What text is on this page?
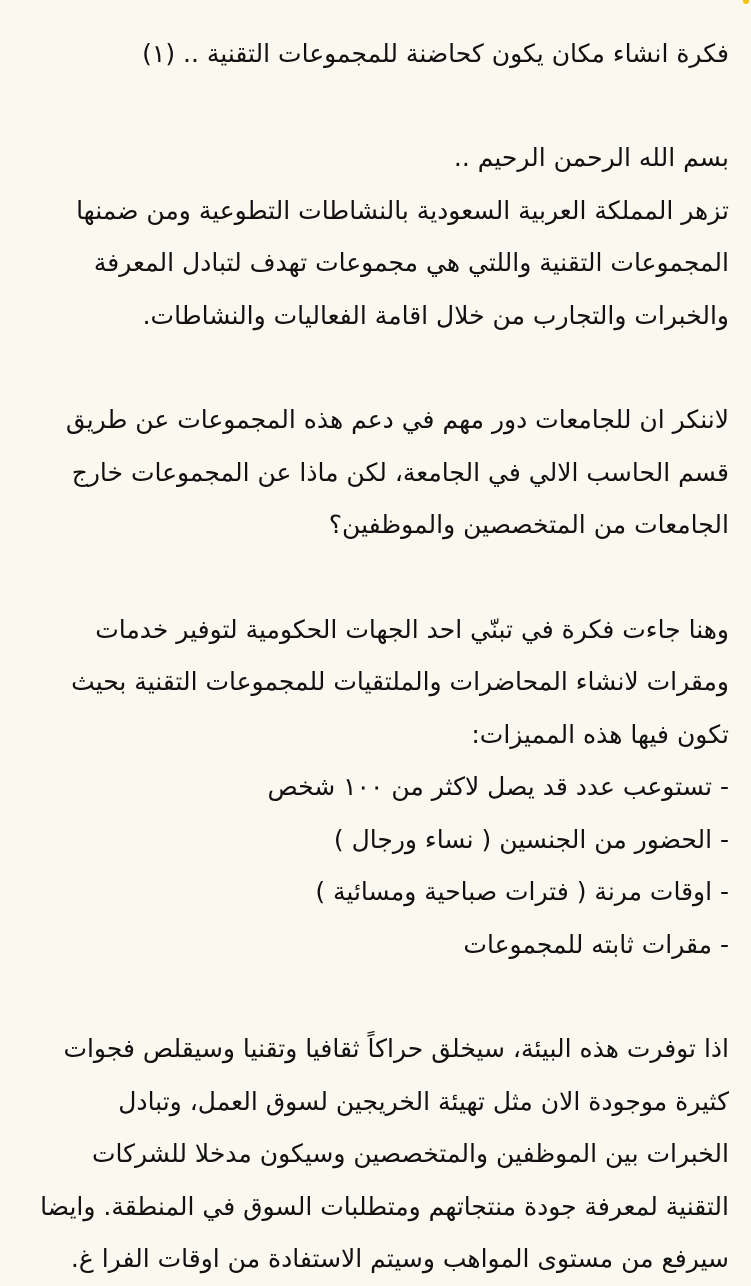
فكرة انشاء مكان يكون كحاضنة للمجموعات التقنية .. (١)
بسم الله الرحمن الرحيم ..
تزهر المملكة العربية السعودية بالنشاطات التطوعية ومن ضمنها
المجموعات التقنية واللتي هي مجموعات تهدف لتبادل المعرفة
والخبرات والتجارب من خلال اقامة الفعاليات والنشاطات.
لاننكر ان للجامعات دور مهم في دعم هذه المجموعات عن طريق
قسم الحاسب الالي في الجامعة، لكن ماذا عن المجموعات خارج
الجامعات من المتخصصين والموظفين؟
وهنا جاءت فكرة في تبنّي احد الجهات الحكومية لتوفير خدمات
ومقرات لانشاء المحاضرات والملتقيات للمجموعات التقنية بحيث
تكون فيها هذه المميزات:
- تستوعب عدد قد يصل لاكثر من ١٠٠ شخص
- الحضور من الجنسين ( نساء ورجال )
- اوقات مرنة ( فترات صباحية ومسائية )
- مقرات ثابته للمجموعات
اذا توفرت هذه البيئة، سيخلق حراكاً ثقافيا وتقنيا وسيقلص فجوات
كثيرة موجودة الان مثل تهيئة الخريجين لسوق العمل، وتبادل
الخبرات بين الموظفين والمتخصصين وسيكون مدخلا للشركات
التقنية لمعرفة جودة منتجاتهم ومتطلبات السوق في المنطقة. وايضا
سيرفع من مستوى المواهب وسيتم الاستفادة من اوقات الفرا غ.
